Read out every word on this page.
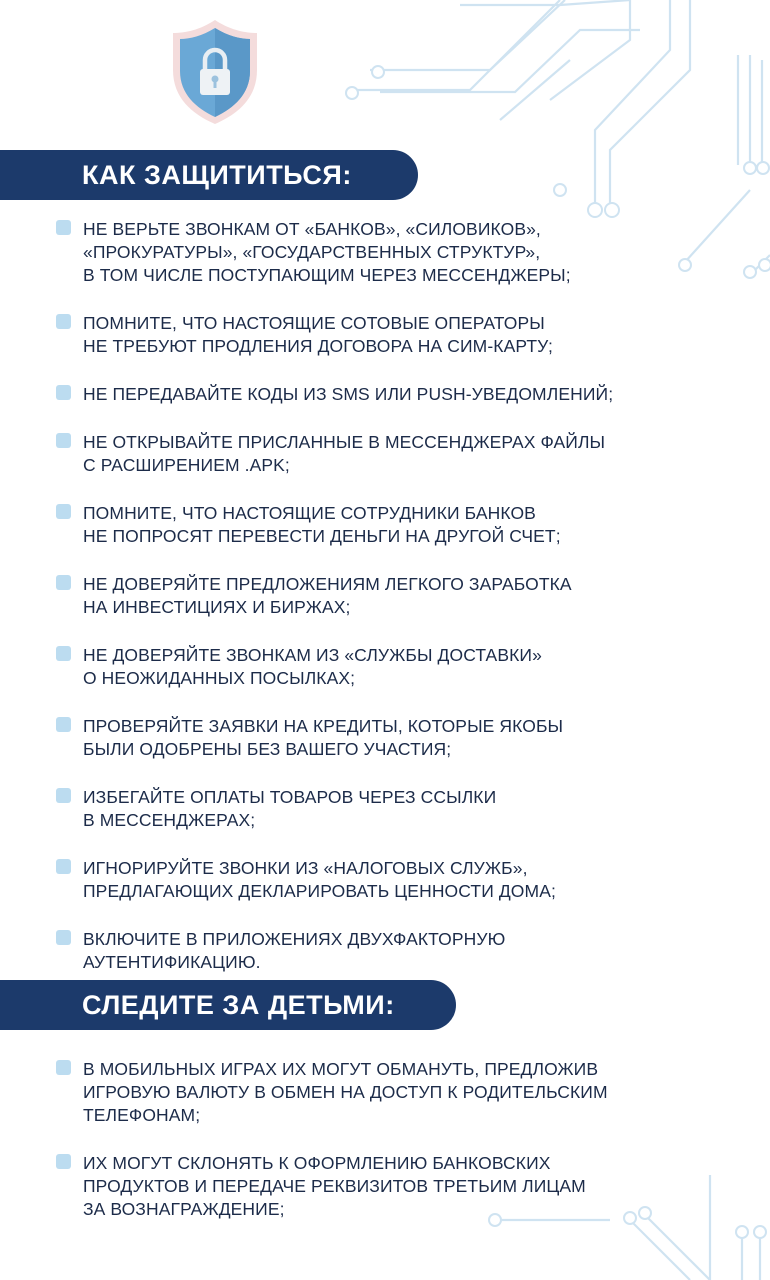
КАК ЗАЩИТИТЬСЯ:
НЕ ВЕРЬТЕ ЗВОНКАМ ОТ «БАНКОВ», «СИЛОВИКОВ»,
«ПРОКУРАТУРЫ», «ГОСУДАРСТВЕННЫХ СТРУКТУР»,
В ТОМ ЧИСЛЕ ПОСТУПАЮЩИМ ЧЕРЕЗ МЕССЕНДЖЕРЫ;
ПОМНИТЕ, ЧТО НАСТОЯЩИЕ СОТОВЫЕ ОПЕРАТОРЫ
НЕ ТРЕБУЮТ ПРОДЛЕНИЯ ДОГОВОРА НА СИМ-КАРТУ;
НЕ ПЕРЕДАВАЙТЕ КОДЫ ИЗ SMS ИЛИ PUSH-УВЕДОМЛЕНИЙ;
НЕ ОТКРЫВАЙТЕ ПРИСЛАННЫЕ В МЕССЕНДЖЕРАХ ФАЙЛЫ
С РАСШИРЕНИЕМ .APK;
ПОМНИТЕ, ЧТО НАСТОЯЩИЕ СОТРУДНИКИ БАНКОВ
НЕ ПОПРОСЯТ ПЕРЕВЕСТИ ДЕНЬГИ НА ДРУГОЙ СЧЕТ;
НЕ ДОВЕРЯЙТЕ ПРЕДЛОЖЕНИЯМ ЛЕГКОГО ЗАРАБОТКА
НА ИНВЕСТИЦИЯХ И БИРЖАХ;
НЕ ДОВЕРЯЙТЕ ЗВОНКАМ ИЗ «СЛУЖБЫ ДОСТАВКИ»
О НЕОЖИДАННЫХ ПОСЫЛКАХ;
ПРОВЕРЯЙТЕ ЗАЯВКИ НА КРЕДИТЫ, КОТОРЫЕ ЯКОБЫ
БЫЛИ ОДОБРЕНЫ БЕЗ ВАШЕГО УЧАСТИЯ;
ИЗБЕГАЙТЕ ОПЛАТЫ ТОВАРОВ ЧЕРЕЗ ССЫЛКИ
В МЕССЕНДЖЕРАХ;
ИГНОРИРУЙТЕ ЗВОНКИ ИЗ «НАЛОГОВЫХ СЛУЖБ»,
ПРЕДЛАГАЮЩИХ ДЕКЛАРИРОВАТЬ ЦЕННОСТИ ДОМА;
ВКЛЮЧИТЕ В ПРИЛОЖЕНИЯХ ДВУХФАКТОРНУЮ
АУТЕНТИФИКАЦИЮ.
СЛЕДИТЕ ЗА ДЕТЬМИ:
В МОБИЛЬНЫХ ИГРАХ ИХ МОГУТ ОБМАНУТЬ, ПРЕДЛОЖИВ
ИГРОВУЮ ВАЛЮТУ В ОБМЕН НА ДОСТУП К РОДИТЕЛЬСКИМ
ТЕЛЕФОНАМ;
ИХ МОГУТ СКЛОНЯТЬ К ОФОРМЛЕНИЮ БАНКОВСКИХ
ПРОДУКТОВ И ПЕРЕДАЧЕ РЕКВИЗИТОВ ТРЕТЬИМ ЛИЦАМ
ЗА ВОЗНАГРАЖДЕНИЕ;
